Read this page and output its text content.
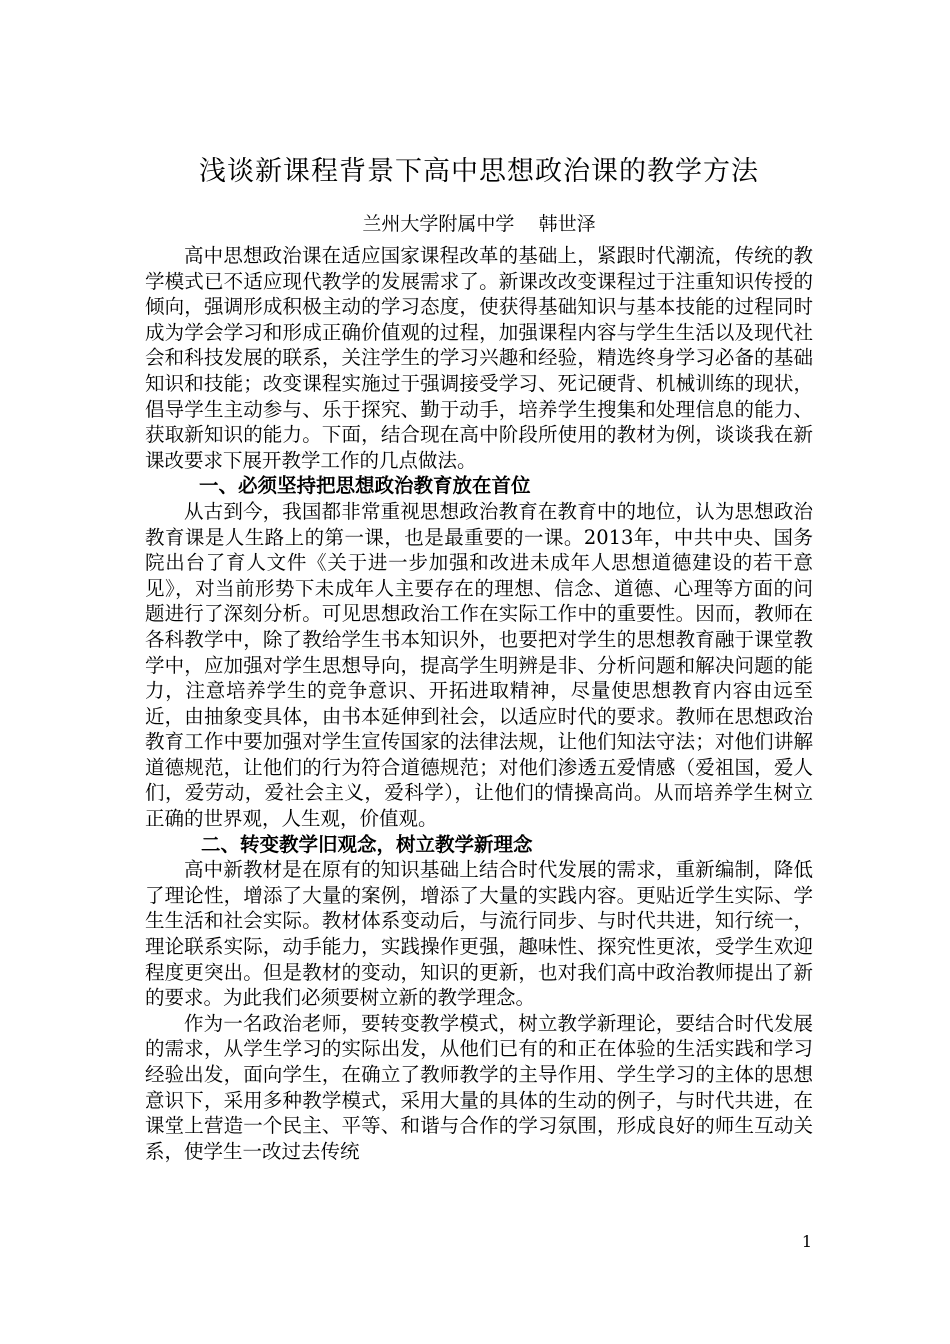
浅谈新课程背景下高中思想政治课的教学方法
兰州大学附属中学    韩世泽

高中思想政治课在适应国家课程改革的基础上，紧跟时代潮流，传统的教学模式已不适应现代教学的发展需求了。新课改改变课程过于注重知识传授的倾向，强调形成积极主动的学习态度，使获得基础知识与基本技能的过程同时成为学会学习和形成正确价值观的过程，加强课程内容与学生生活以及现代社会和科技发展的联系，关注学生的学习兴趣和经验，精选终身学习必备的基础知识和技能；改变课程实施过于强调接受学习、死记硬背、机械训练的现状，倡导学生主动参与、乐于探究、勤于动手，培养学生搜集和处理信息的能力、获取新知识的能力。下面，结合现在高中阶段所使用的教材为例，谈谈我在新课改要求下展开教学工作的几点做法。

一、必须坚持把思想政治教育放在首位

从古到今，我国都非常重视思想政治教育在教育中的地位，认为思想政治教育课是人生路上的第一课，也是最重要的一课。2013年，中共中央、国务院出台了育人文件《关于进一步加强和改进未成年人思想道德建设的若干意见》，对当前形势下未成年人主要存在的理想、信念、道德、心理等方面的问题进行了深刻分析。可见思想政治工作在实际工作中的重要性。因而，教师在各科教学中，除了教给学生书本知识外，也要把对学生的思想教育融于课堂教学中，应加强对学生思想导向，提高学生明辨是非、分析问题和解决问题的能力，注意培养学生的竞争意识、开拓进取精神，尽量使思想教育内容由远至近，由抽象变具体，由书本延伸到社会，以适应时代的要求。教师在思想政治教育工作中要加强对学生宣传国家的法律法规，让他们知法守法；对他们讲解道德规范，让他们的行为符合道德规范；对他们渗透五爱情感（爱祖国，爱人们，爱劳动，爱社会主义，爱科学），让他们的情操高尚。从而培养学生树立正确的世界观，人生观，价值观。

二、转变教学旧观念，树立教学新理念

高中新教材是在原有的知识基础上结合时代发展的需求，重新编制，降低了理论性，增添了大量的案例，增添了大量的实践内容。更贴近学生实际、学生生活和社会实际。教材体系变动后，与流行同步、与时代共进，知行统一，理论联系实际，动手能力，实践操作更强，趣味性、探究性更浓，受学生欢迎程度更突出。但是教材的变动，知识的更新，也对我们高中政治教师提出了新的要求。为此我们必须要树立新的教学理念。

作为一名政治老师，要转变教学模式，树立教学新理论，要结合时代发展的需求，从学生学习的实际出发，从他们已有的和正在体验的生活实践和学习经验出发，面向学生，在确立了教师教学的主导作用、学生学习的主体的思想意识下，采用多种教学模式，采用大量的具体的生动的例子，与时代共进，在课堂上营造一个民主、平等、和谐与合作的学习氛围，形成良好的师生互动关系，使学生一改过去传统

1
